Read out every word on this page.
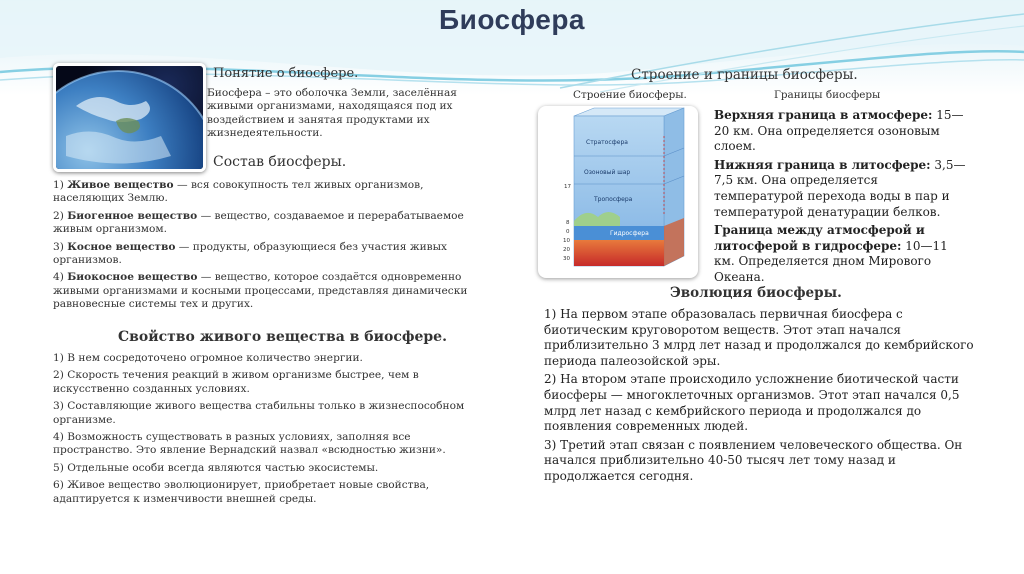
Биосфера
Понятие о биосфере.
Биосфера – это оболочка Земли, заселённая живыми организмами, находящаяся под их воздействием и занятая продуктами их жизнедеятельности.
Состав биосферы.

1) Живое вещество — вся совокупность тел живых организмов, населяющих Землю.

2) Биогенное вещество — вещество, создаваемое и перерабатываемое живым организмом.

3) Косное вещество — продукты, образующиеся без участия живых организмов.

4) Биокосное вещество — вещество, которое создаётся одновременно живыми организмами и косными процессами, представляя динамически равновесные системы тех и других.

Свойство живого вещества в биосфере.

1) В нем сосредоточено огромное количество энергии.

2) Скорость течения реакций в живом организме быстрее, чем в искусственно созданных условиях.

3) Составляющие живого вещества стабильны только в жизнеспособном организме.

4) Возможность существовать в разных условиях, заполняя все пространство. Это явление Вернадский назвал «всюдностью жизни».

5) Отдельные особи всегда являются частью экосистемы.

6) Живое вещество эволюционирует, приобретает новые свойства, адаптируется к изменчивости внешней среды.

Строение и границы биосферы.
Строение биосферы.	Границы биосферы
Стратосфера
Озоновый шар
Тропосфера
Гидросфера
17
8
0
10
20
30

Верхняя граница в атмосфере: 15—20 км. Она определяется озоновым слоем.

Нижняя граница в литосфере: 3,5—7,5 км. Она определяется температурой перехода воды в пар и температурой денатурации белков.

Граница между атмосферой и литосферой в гидросфере: 10—11 км. Определяется дном Мирового Океана.

Эволюция биосферы.

1) На первом этапе образовалась первичная биосфера с биотическим круговоротом веществ. Этот этап начался приблизительно 3 млрд лет назад и продолжался до кембрийского периода палеозойской эры.

2) На втором этапе происходило усложнение биотической части биосферы — многоклеточных организмов. Этот этап начался 0,5 млрд лет назад с кембрийского периода и продолжался до появления современных людей.

3) Третий этап связан с появлением человеческого общества. Он начался приблизительно 40-50 тысяч лет тому назад и продолжается сегодня.
